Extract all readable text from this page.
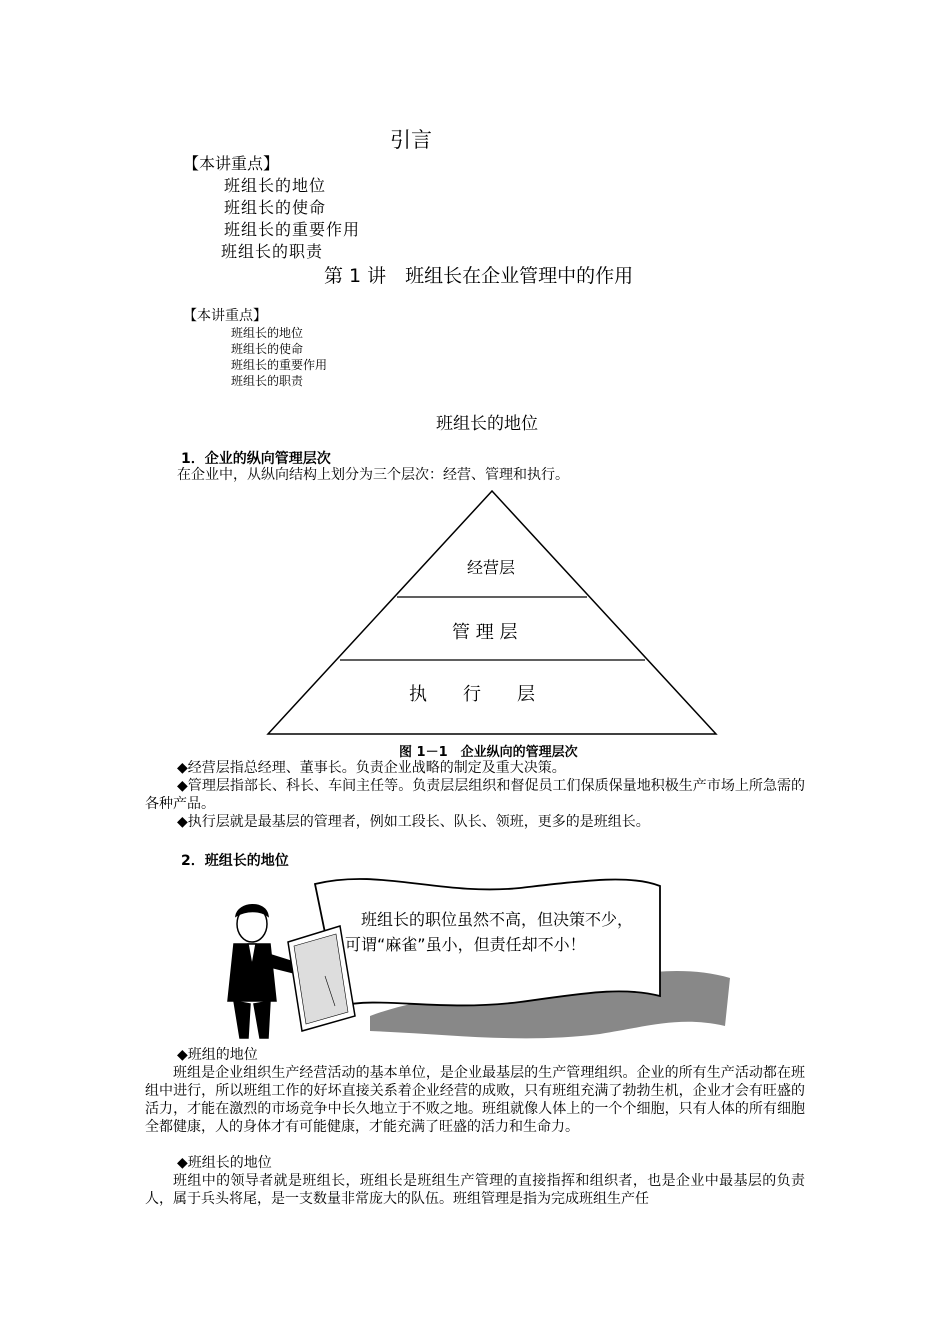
引言
【本讲重点】
班组长的地位
班组长的使命
班组长的重要作用
班组长的职责
第 1 讲　班组长在企业管理中的作用
【本讲重点】
班组长的地位
班组长的使命
班组长的重要作用
班组长的职责
班组长的地位
1．企业的纵向管理层次
在企业中，从纵向结构上划分为三个层次：经营、管理和执行。
经营层
管 理 层
执　　行　　层
图 1－1　企业纵向的管理层次
◆经营层指总经理、董事长。负责企业战略的制定及重大决策。

◆管理层指部长、科长、车间主任等。负责层层组织和督促员工们保质保量地积极生产市场上所急需的各种产品。

◆执行层就是最基层的管理者，例如工段长、队长、领班，更多的是班组长。
2．班组长的地位
班组长的职位虽然不高，但决策不少，
可谓“麻雀”虽小，但责任却不小！
◆班组的地位

班组是企业组织生产经营活动的基本单位，是企业最基层的生产管理组织。企业的所有生产活动都在班组中进行，所以班组工作的好坏直接关系着企业经营的成败，只有班组充满了勃勃生机，企业才会有旺盛的活力，才能在激烈的市场竞争中长久地立于不败之地。班组就像人体上的一个个细胞，只有人体的所有细胞全都健康，人的身体才有可能健康，才能充满了旺盛的活力和生命力。

◆班组长的地位

班组中的领导者就是班组长，班组长是班组生产管理的直接指挥和组织者，也是企业中最基层的负责人，属于兵头将尾，是一支数量非常庞大的队伍。班组管理是指为完成班组生产任
